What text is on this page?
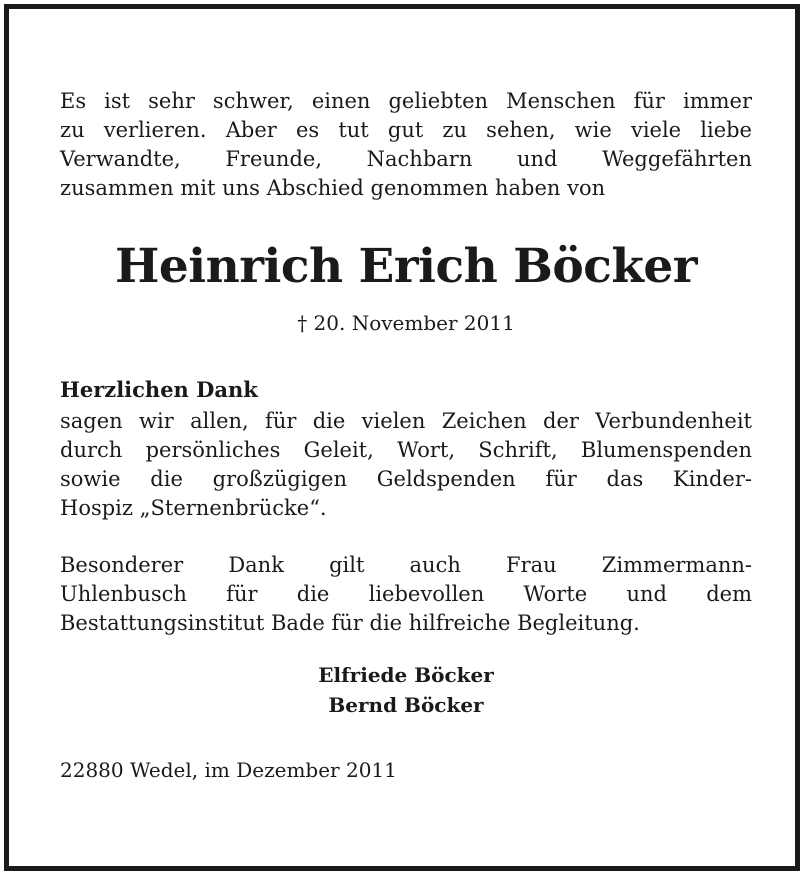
Es ist sehr schwer, einen geliebten Menschen für immer
zu verlieren. Aber es tut gut zu sehen, wie viele liebe
Verwandte, Freunde, Nachbarn und Weggefährten
zusammen mit uns Abschied genommen haben von

Heinrich Erich Böcker
† 20. November 2011
Herzlichen Dank

sagen wir allen, für die vielen Zeichen der Verbundenheit
durch persönliches Geleit, Wort, Schrift, Blumenspenden
sowie die großzügigen Geldspenden für das Kinder-
Hospiz „Sternenbrücke“.

Besonderer Dank gilt auch Frau Zimmermann-
Uhlenbusch für die liebevollen Worte und dem
Bestattungsinstitut Bade für die hilfreiche Begleitung.

Elfriede Böcker
Bernd Böcker
22880 Wedel, im Dezember 2011
